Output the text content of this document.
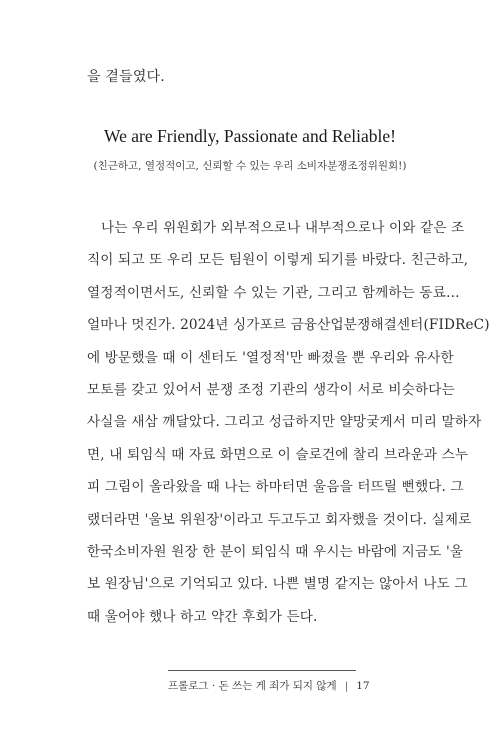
을 곁들였다.
We are Friendly, Passionate and Reliable!
(친근하고, 열정적이고, 신뢰할 수 있는 우리 소비자분쟁조정위원회!)
나는 우리 위원회가 외부적으로나 내부적으로나 이와 같은 조
직이 되고 또 우리 모든 팀원이 이렇게 되기를 바랐다. 친근하고,
열정적이면서도, 신뢰할 수 있는 기관, 그리고 함께하는 동료…
얼마나 멋진가. 2024년 싱가포르 금융산업분쟁해결센터(FIDReC)
에 방문했을 때 이 센터도 '열정적'만 빠졌을 뿐 우리와 유사한
모토를 갖고 있어서 분쟁 조정 기관의 생각이 서로 비슷하다는
사실을 새삼 깨달았다. 그리고 성급하지만 얄망궂게서 미리 말하자
면, 내 퇴임식 때 자료 화면으로 이 슬로건에 찰리 브라운과 스누
피 그림이 올라왔을 때 나는 하마터면 울음을 터뜨릴 뻔했다. 그
랬더라면 '울보 위원장'이라고 두고두고 회자했을 것이다. 실제로
한국소비자원 원장 한 분이 퇴임식 때 우시는 바람에 지금도 '울
보 원장님'으로 기억되고 있다. 나쁜 별명 같지는 않아서 나도 그
때 울어야 했나 하고 약간 후회가 든다.
프롤로그 · 돈 쓰는 게 죄가 되지 않게 | 17
